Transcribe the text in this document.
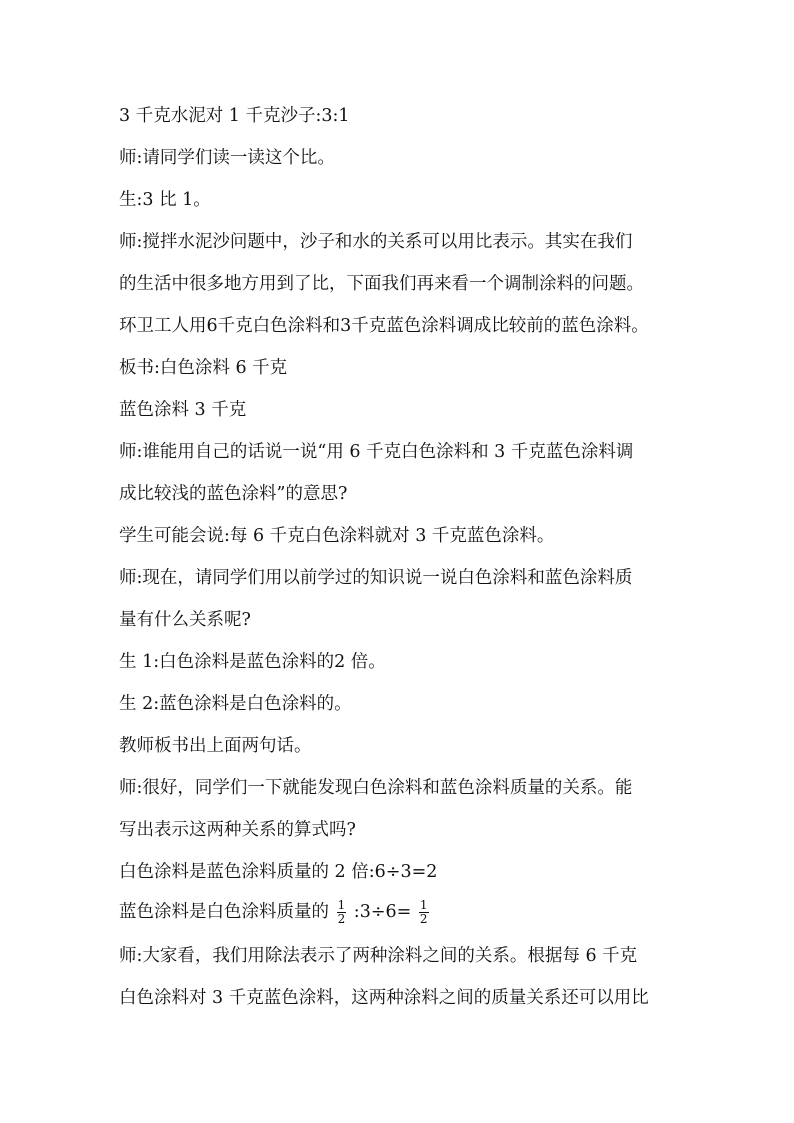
3 千克水泥对 1 千克沙子:3:1
师:请同学们读一读这个比。
生:3 比 1。
师:搅拌水泥沙问题中，沙子和水的关系可以用比表示。其实在我们
的生活中很多地方用到了比，下面我们再来看一个调制涂料的问题。
环卫工人用6千克白色涂料和3千克蓝色涂料调成比较前的蓝色涂料。
板书:白色涂料 6 千克
蓝色涂料 3 千克
师:谁能用自己的话说一说“用 6 千克白色涂料和 3 千克蓝色涂料调
成比较浅的蓝色涂料”的意思?
学生可能会说:每 6 千克白色涂料就对 3 千克蓝色涂料。
师:现在，请同学们用以前学过的知识说一说白色涂料和蓝色涂料质
量有什么关系呢?
生 1:白色涂料是蓝色涂料的2 倍。
生 2:蓝色涂料是白色涂料的。
教师板书出上面两句话。
师:很好，同学们一下就能发现白色涂料和蓝色涂料质量的关系。能
写出表示这两种关系的算式吗?
白色涂料是蓝色涂料质量的 2 倍:6÷3=2
蓝色涂料是白色涂料质量的 $\frac{1}{2}$ :3÷6= $\frac{1}{2}$
师:大家看，我们用除法表示了两种涂料之间的关系。根据每 6 千克
白色涂料对 3 千克蓝色涂料，这两种涂料之间的质量关系还可以用比
